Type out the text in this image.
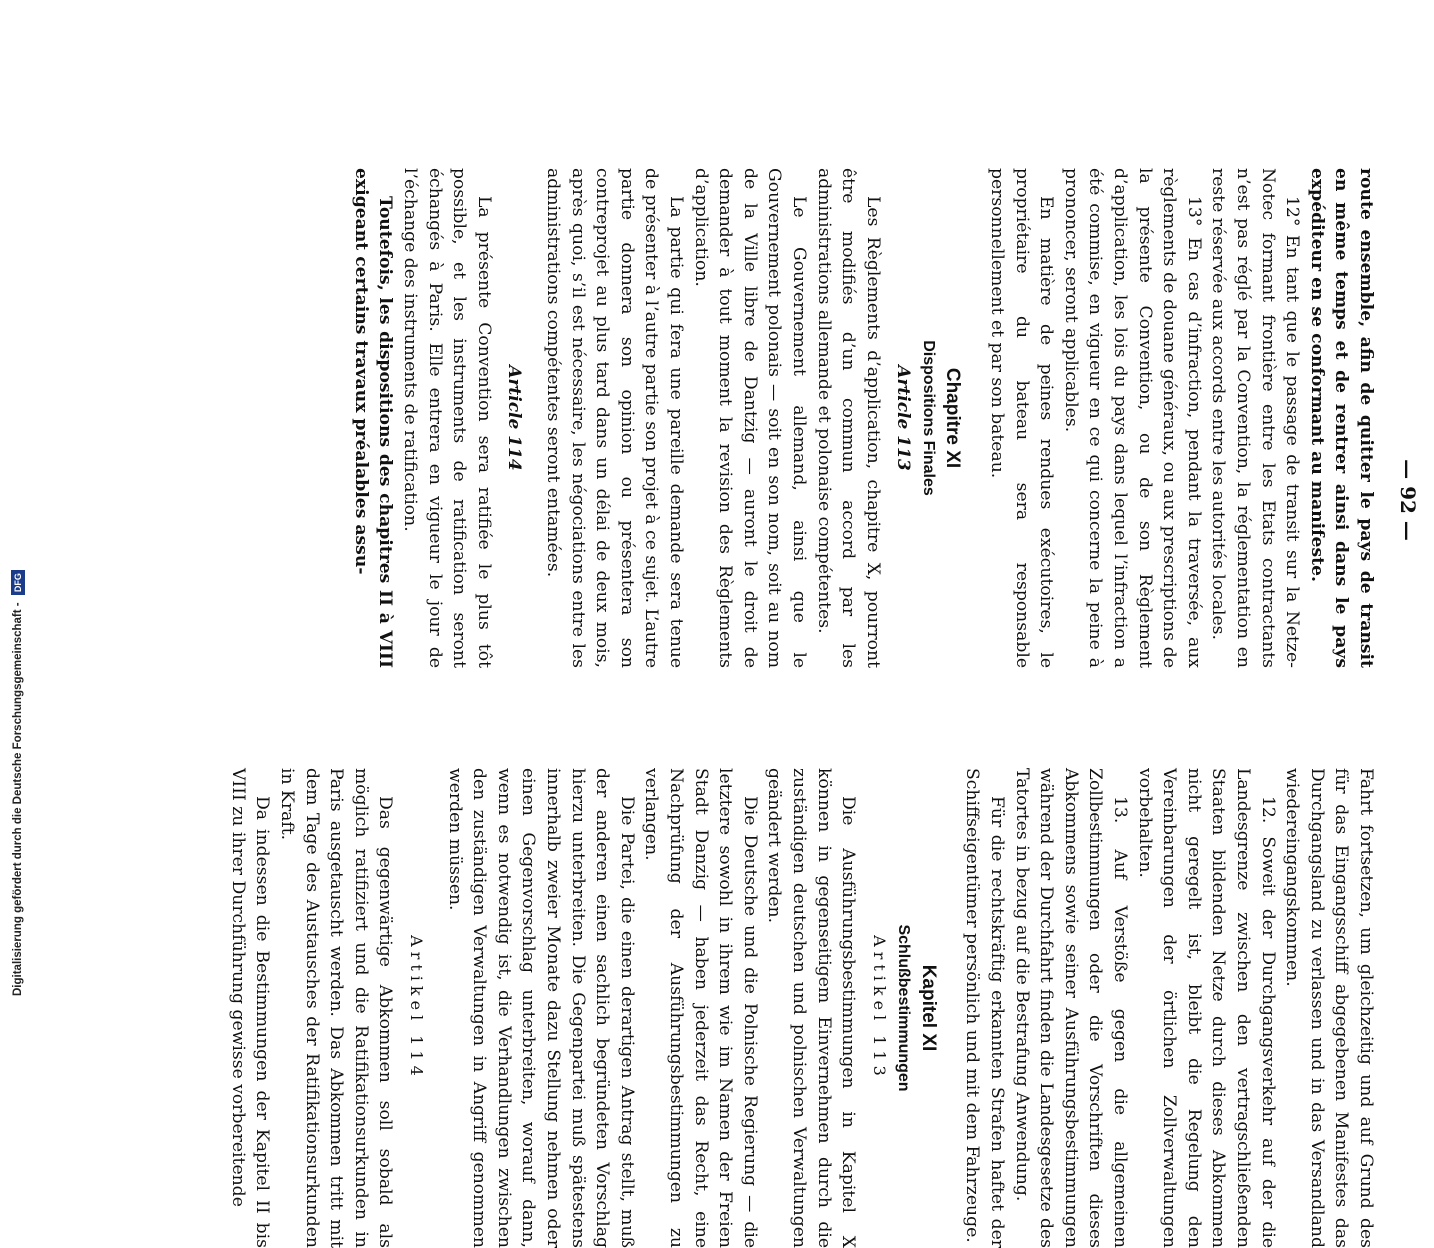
— 92 —

Fahrt fortsetzen, um gleichzeitig und auf Grund des für das Eingangsschiff abgegebenen Manifestes das Durchgangsland zu verlassen und in das Versandland wiedereingangskommen.

12. Soweit der Durchgangsverkehr auf der die Landesgrenze zwischen den vertragschließenden Staaten bildenden Netze durch dieses Abkommen nicht geregelt ist, bleibt die Regelung den Vereinbarungen der örtlichen Zollverwaltungen vorbehalten.

13. Auf Verstöße gegen die allgemeinen Zollbestimmungen oder die Vorschriften dieses Abkommens sowie seiner Ausführungsbestimmungen während der Durchfahrt finden die Landesgesetze des Tatortes in bezug auf die Bestrafung Anwendung.

Für die rechtskräftig erkannten Strafen haftet der Schiffseigentümer persönlich und mit dem Fahrzeuge.

Kapitel XI

Schlußbestimmungen

Artikel 113

Die Ausführungsbestimmungen in Kapitel X können in gegenseitigem Einvernehmen durch die zuständigen deutschen und polnischen Verwaltungen geändert werden.

Die Deutsche und die Polnische Regierung — die letztere sowohl in ihrem wie im Namen der Freien Stadt Danzig — haben jederzeit das Recht, eine Nachprüfung der Ausführungsbestimmungen zu verlangen.

Die Partei, die einen derartigen Antrag stellt, muß der anderen einen sachlich begründeten Vorschlag hierzu unterbreiten. Die Gegenpartei muß spätestens innerhalb zweier Monate dazu Stellung nehmen oder einen Gegenvorschlag unterbreiten, worauf dann, wenn es notwendig ist, die Verhandlungen zwischen den zuständigen Verwaltungen in Angriff genommen werden müssen.

Artikel 114

Das gegenwärtige Abkommen soll sobald als möglich ratifiziert und die Ratifikationsurkunden in Paris ausgetauscht werden. Das Abkommen tritt mit dem Tage des Austausches der Ratifikationsurkunden in Kraft.

Da indessen die Bestimmungen der Kapitel II bis VIII zu ihrer Durchführung gewisse vorbereitende

route ensemble, afin de quitter le pays de transit en même temps et de rentrer ainsi dans le pays expéditeur en se conformant au manifeste.

12° En tant que le passage de transit sur la Netze-Notec formant frontière entre les Etats contractants n’est pas réglé par la Convention, la réglementation en reste réservée aux accords entre les autorités locales.

13° En cas d’infraction, pendant la traversée, aux règlements de douane généraux, ou aux prescriptions de la présente Convention, ou de son Règlement d’application, les lois du pays dans lequel l’infraction a été commise, en vigueur en ce qui concerne la peine à prononcer, seront applicables.

En matière de peines rendues exécutoires, le propriétaire du bateau sera responsable personnellement et par son bateau.

Chapitre XI

Dispositions Finales

Article 113

Les Règlements d’application, chapitre X, pourront être modifiés d’un commun accord par les administrations allemande et polonaise compétentes.

Le Gouvernement allemand, ainsi que le Gouvernement polonais — soit en son nom, soit au nom de la Ville libre de Dantzig — auront le droit de demander à tout moment la revision des Règlements d’application.

La partie qui fera une pareille demande sera tenue de présenter à l’autre partie son projet à ce sujet. L’autre partie donnera son opinion ou présentera son contreprojet au plus tard dans un délai de deux mois, après quoi, s’il est nécessaire, les négociations entre les administrations compétentes seront entamées.

Article 114

La présente Convention sera ratifiée le plus tôt possible, et les instruments de ratification seront échangés à Paris. Elle entrera en vigueur le jour de l’échange des instruments de ratification.

Toutefois, les dispositions des chapitres II à VIII exigeant certains travaux préalables assu-

Digitalisierung gefördert durch die Deutsche Forschungsgemeinschaft - DFG
